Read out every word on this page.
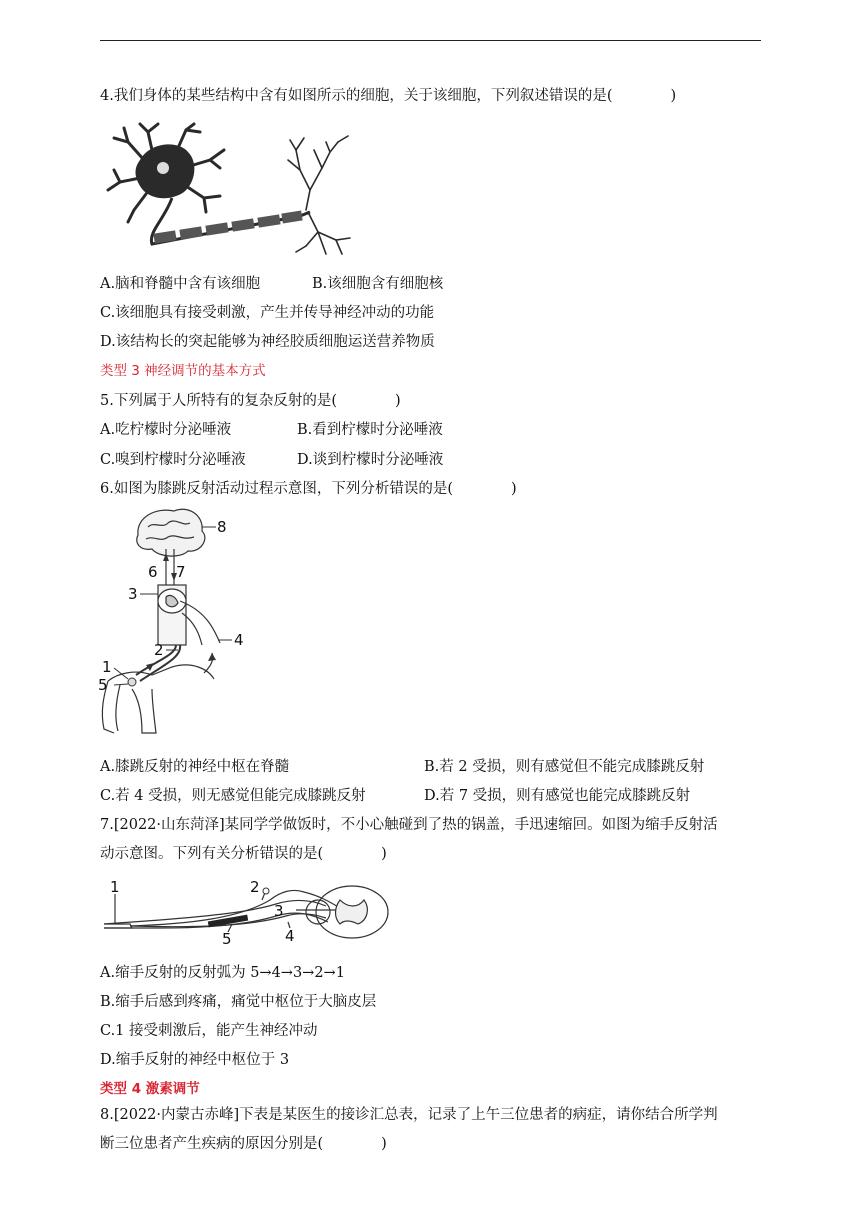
4.我们身体的某些结构中含有如图所示的细胞，关于该细胞，下列叙述错误的是(　　　　)
A.脑和脊髓中含有该细胞	B.该细胞含有细胞核
C.该细胞具有接受刺激，产生并传导神经冲动的功能
D.该结构长的突起能够为神经胶质细胞运送营养物质
类型 3 神经调节的基本方式
5.下列属于人所特有的复杂反射的是(　　　　)
A.吃柠檬时分泌唾液	B.看到柠檬时分泌唾液
C.嗅到柠檬时分泌唾液	D.谈到柠檬时分泌唾液
6.如图为膝跳反射活动过程示意图，下列分析错误的是(　　　　)
8
6 7
3
4
2
1
5
A.膝跳反射的神经中枢在脊髓	B.若 2 受损，则有感觉但不能完成膝跳反射
C.若 4 受损，则无感觉但能完成膝跳反射	D.若 7 受损，则有感觉也能完成膝跳反射
7.[2022·山东菏泽]某同学学做饭时，不小心触碰到了热的锅盖，手迅速缩回。如图为缩手反射活
动示意图。下列有关分析错误的是(　　　　)
1	2
3
4
5
A.缩手反射的反射弧为 5→4→3→2→1
B.缩手后感到疼痛，痛觉中枢位于大脑皮层
C.1 接受刺激后，能产生神经冲动
D.缩手反射的神经中枢位于 3
类型 4 激素调节
8.[2022·内蒙古赤峰]下表是某医生的接诊汇总表，记录了上午三位患者的病症，请你结合所学判
断三位患者产生疾病的原因分别是(　　　　)
